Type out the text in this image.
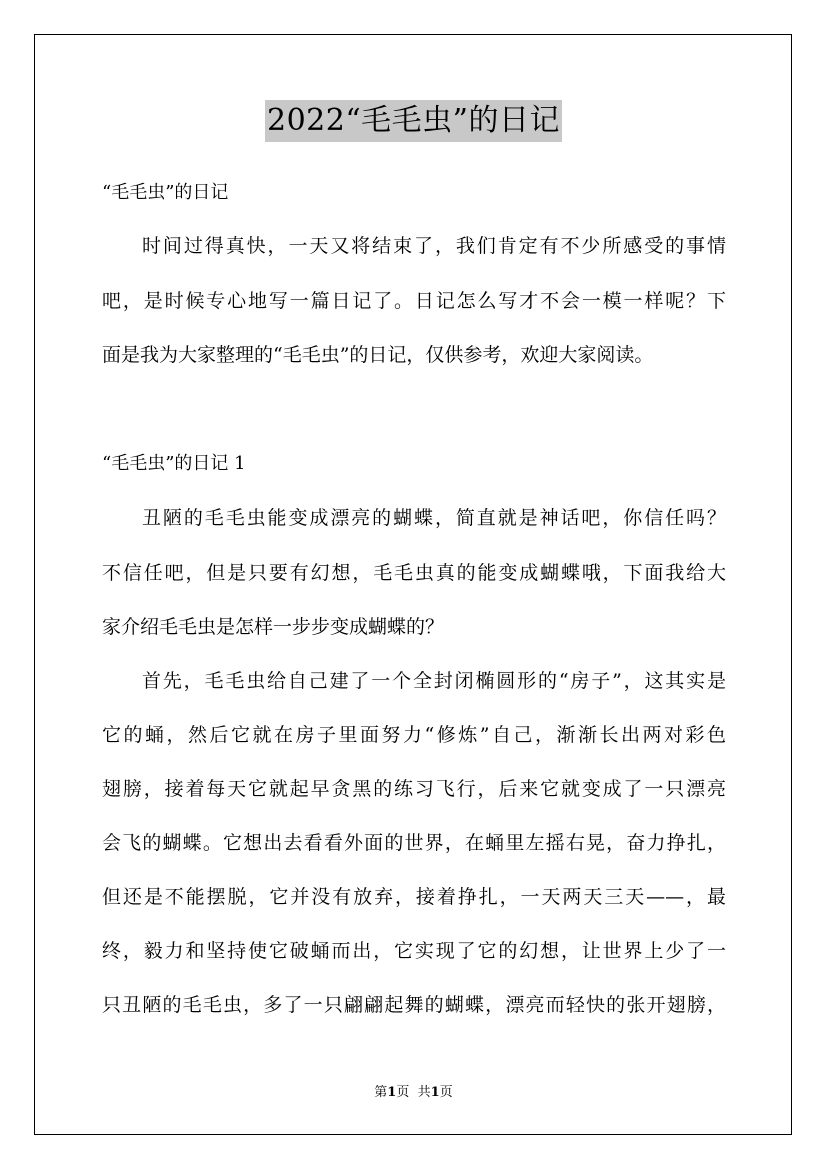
2022“毛毛虫”的日记
“毛毛虫”的日记
时间过得真快，一天又将结束了，我们肯定有不少所感受的事情
吧，是时候专心地写一篇日记了。日记怎么写才不会一模一样呢？下
面是我为大家整理的“毛毛虫”的日记，仅供参考，欢迎大家阅读。
“毛毛虫”的日记 1
丑陋的毛毛虫能变成漂亮的蝴蝶，简直就是神话吧，你信任吗？
不信任吧，但是只要有幻想，毛毛虫真的能变成蝴蝶哦，下面我给大
家介绍毛毛虫是怎样一步步变成蝴蝶的？
首先，毛毛虫给自己建了一个全封闭椭圆形的“房子”，这其实是
它的蛹，然后它就在房子里面努力“修炼”自己，渐渐长出两对彩色
翅膀，接着每天它就起早贪黑的练习飞行，后来它就变成了一只漂亮
会飞的蝴蝶。它想出去看看外面的世界，在蛹里左摇右晃，奋力挣扎，
但还是不能摆脱，它并没有放弃，接着挣扎，一天两天三天——，最
终，毅力和坚持使它破蛹而出，它实现了它的幻想，让世界上少了一
只丑陋的毛毛虫，多了一只翩翩起舞的蝴蝶，漂亮而轻快的张开翅膀，
第1页 共1页
